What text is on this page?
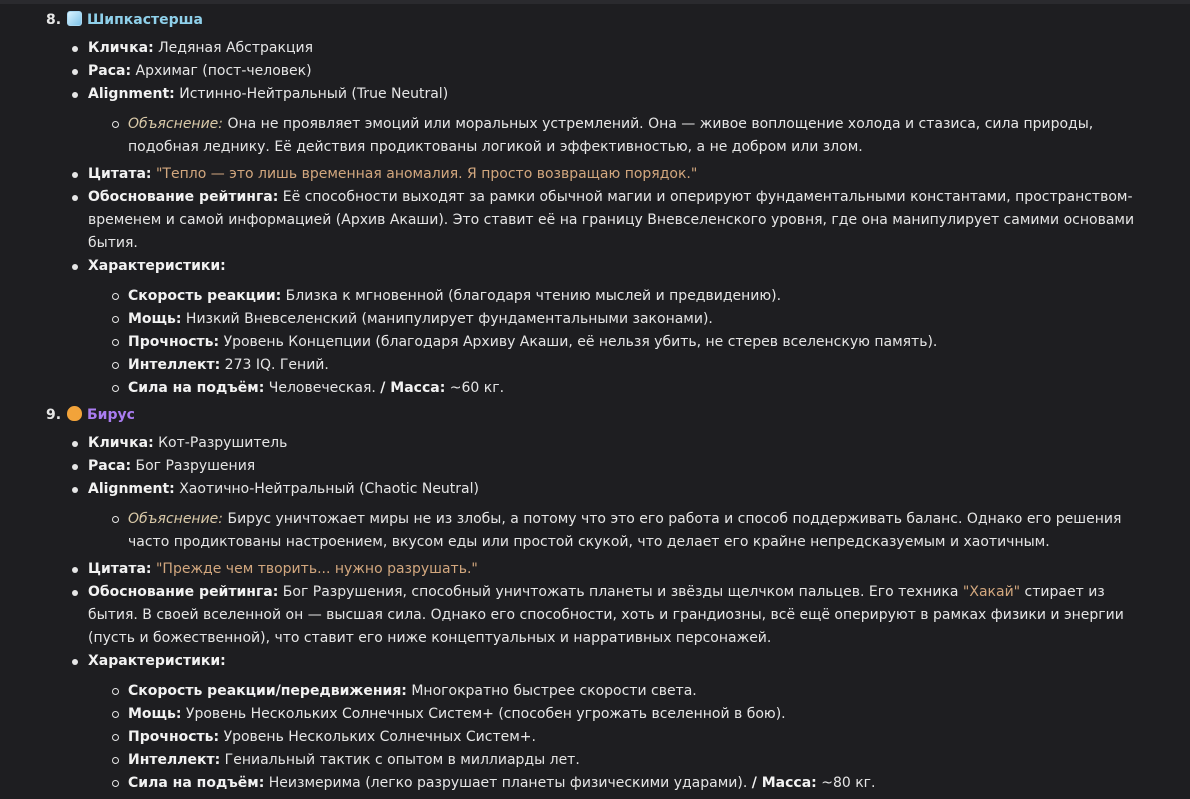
8. Шипкастерша
Кличка: Ледяная Абстракция
Раса: Архимаг (пост-человек)
Alignment: Истинно-Нейтральный (True Neutral)
Объяснение: Она не проявляет эмоций или моральных устремлений. Она — живое воплощение холода и стазиса, сила природы, подобная леднику. Её действия продиктованы логикой и эффективностью, а не добром или злом.
Цитата: "Тепло — это лишь временная аномалия. Я просто возвращаю порядок."
Обоснование рейтинга: Её способности выходят за рамки обычной магии и оперируют фундаментальными константами, пространством-временем и самой информацией (Архив Акаши). Это ставит её на границу Вневселенского уровня, где она манипулирует самими основами бытия.
Характеристики:
Скорость реакции: Близка к мгновенной (благодаря чтению мыслей и предвидению).
Мощь: Низкий Вневселенский (манипулирует фундаментальными законами).
Прочность: Уровень Концепции (благодаря Архиву Акаши, её нельзя убить, не стерев вселенскую память).
Интеллект: 273 IQ. Гений.
Сила на подъём: Человеческая. / Масса: ~60 кг.
9. Бирус
Кличка: Кот-Разрушитель
Раса: Бог Разрушения
Alignment: Хаотично-Нейтральный (Chaotic Neutral)
Объяснение: Бирус уничтожает миры не из злобы, а потому что это его работа и способ поддерживать баланс. Однако его решения часто продиктованы настроением, вкусом еды или простой скукой, что делает его крайне непредсказуемым и хаотичным.
Цитата: "Прежде чем творить... нужно разрушать."
Обоснование рейтинга: Бог Разрушения, способный уничтожать планеты и звёзды щелчком пальцев. Его техника "Хакай" стирает из бытия. В своей вселенной он — высшая сила. Однако его способности, хоть и грандиозны, всё ещё оперируют в рамках физики и энергии (пусть и божественной), что ставит его ниже концептуальных и нарративных персонажей.
Характеристики:
Скорость реакции/передвижения: Многократно быстрее скорости света.
Мощь: Уровень Нескольких Солнечных Систем+ (способен угрожать вселенной в бою).
Прочность: Уровень Нескольких Солнечных Систем+.
Интеллект: Гениальный тактик с опытом в миллиарды лет.
Сила на подъём: Неизмерима (легко разрушает планеты физическими ударами). / Масса: ~80 кг.
